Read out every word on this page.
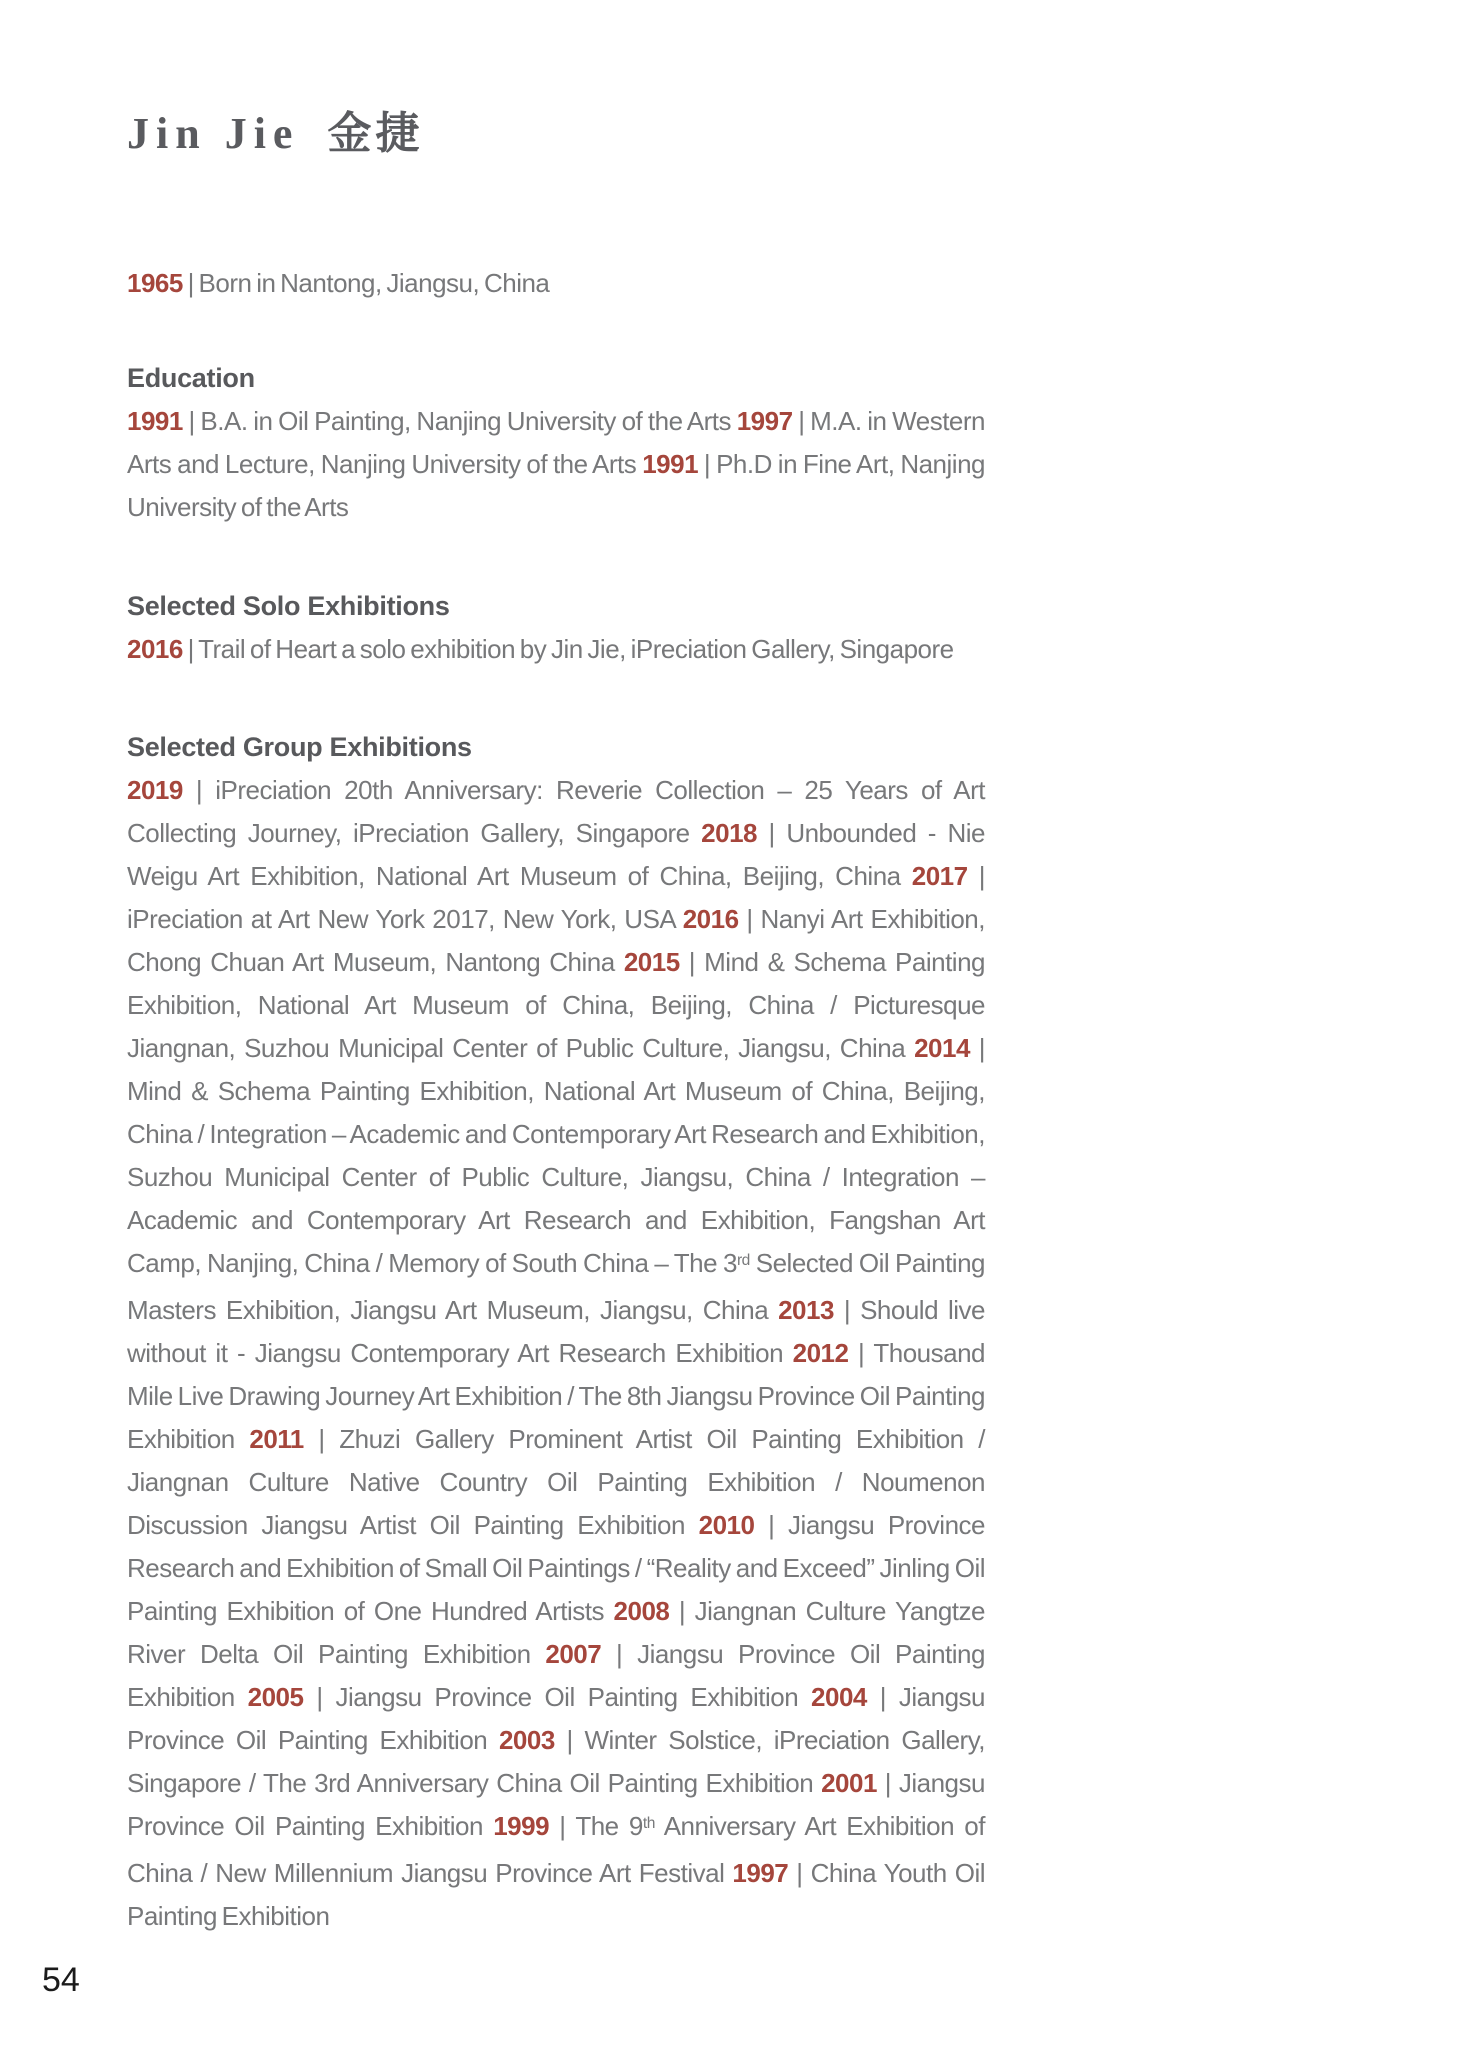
Jin Jie 金捷

1965 | Born in Nantong, Jiangsu, China

Education

1991 | B.A. in Oil Painting, Nanjing University of the Arts 1997 | M.A. in Western Arts and Lecture, Nanjing University of the Arts 1991 | Ph.D in Fine Art, Nanjing University of the Arts

Selected Solo Exhibitions

2016 | Trail of Heart a solo exhibition by Jin Jie, iPreciation Gallery, Singapore

Selected Group Exhibitions

2019 | iPreciation 20th Anniversary: Reverie Collection – 25 Years of Art Collecting Journey, iPreciation Gallery, Singapore 2018 | Unbounded - Nie Weigu Art Exhibition, National Art Museum of China, Beijing, China 2017 | iPreciation at Art New York 2017, New York, USA 2016 | Nanyi Art Exhibition, Chong Chuan Art Museum, Nantong China 2015 | Mind & Schema Painting Exhibition, National Art Museum of China, Beijing, China / Picturesque Jiangnan, Suzhou Municipal Center of Public Culture, Jiangsu, China 2014 | Mind & Schema Painting Exhibition, National Art Museum of China, Beijing, China / Integration – Academic and Contemporary Art Research and Exhibition, Suzhou Municipal Center of Public Culture, Jiangsu, China / Integration – Academic and Contemporary Art Research and Exhibition, Fangshan Art Camp, Nanjing, China / Memory of South China – The 3rd Selected Oil Painting Masters Exhibition, Jiangsu Art Museum, Jiangsu, China 2013 | Should live without it - Jiangsu Contemporary Art Research Exhibition 2012 | Thousand Mile Live Drawing Journey Art Exhibition / The 8th Jiangsu Province Oil Painting Exhibition 2011 | Zhuzi Gallery Prominent Artist Oil Painting Exhibition / Jiangnan Culture Native Country Oil Painting Exhibition / Noumenon Discussion Jiangsu Artist Oil Painting Exhibition 2010 | Jiangsu Province Research and Exhibition of Small Oil Paintings / “Reality and Exceed” Jinling Oil Painting Exhibition of One Hundred Artists 2008 | Jiangnan Culture Yangtze River Delta Oil Painting Exhibition 2007 | Jiangsu Province Oil Painting Exhibition 2005 | Jiangsu Province Oil Painting Exhibition 2004 | Jiangsu Province Oil Painting Exhibition 2003 | Winter Solstice, iPreciation Gallery, Singapore / The 3rd Anniversary China Oil Painting Exhibition 2001 | Jiangsu Province Oil Painting Exhibition 1999 | The 9th Anniversary Art Exhibition of China / New Millennium Jiangsu Province Art Festival 1997 | China Youth Oil Painting Exhibition

54
